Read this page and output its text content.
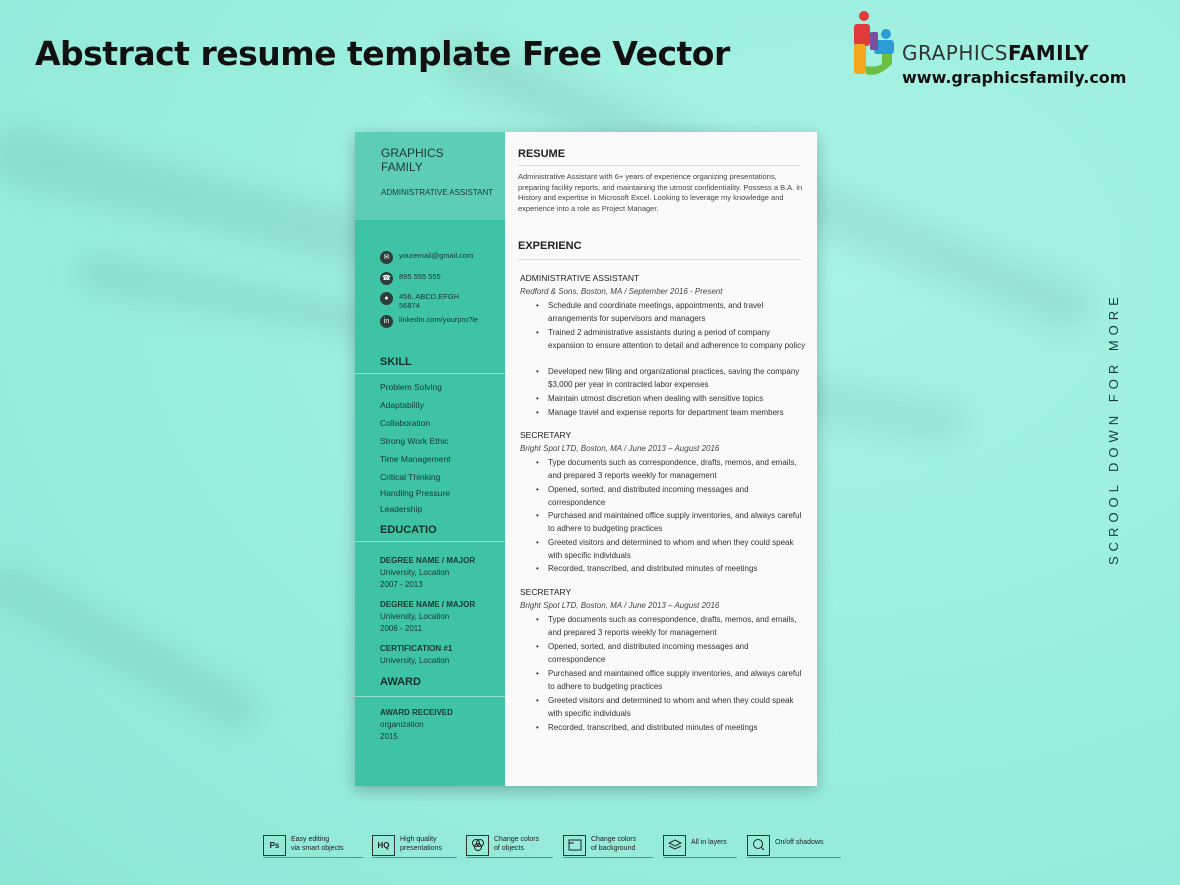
Abstract resume template Free Vector	GRAPHICSFAMILY
www.graphicsfamily.com
SCROOL DOWN FOR MORE
GRAPHICS
FAMILY
ADMINISTRATIVE ASSISTANT
✉	youremail@gmail.com
☎ 895 555 555
●	456, ABCD,EFGH
56874
in	linkedin.com/yourpro?le
SKILL
Problem Solving
Adaptability
Collaboration
Strong Work Ethic
Time Management
Critical Thinking
Handling Pressure
Leadership
EDUCATIO
DEGREE NAME / MAJOR
University, Location
2007 - 2013
DEGREE NAME / MAJOR
University, Location
2006 - 2011
CERTIFICATION #1
University, Location
AWARD
AWARD RECEIVED
organization
2015
RESUME
Administrative Assistant with 6+ years of experience organizing presentations, preparing facility reports, and maintaining the utmost confidentiality. Possess a B.A. in History and expertise in Microsoft Excel. Looking to leverage my knowledge and experience into a role as Project Manager.
EXPERIENC
ADMINISTRATIVE ASSISTANT
Redford & Sons, Boston, MA / September 2016 - Present
• Schedule and coordinate meetings, appointments, and travel arrangements for supervisors and managers
• Trained 2 administrative assistants during a period of company expansion to ensure attention to detail and adherence to company policy
• Developed new filing and organizational practices, saving the company $3,000 per year in contracted labor expenses
• Maintain utmost discretion when dealing with sensitive topics
• Manage travel and expense reports for department team members
SECRETARY
Bright Spot LTD, Boston, MA / June 2013 – August 2016
• Type documents such as correspondence, drafts, memos, and emails, and prepared 3 reports weekly for management
• Opened, sorted, and distributed incoming messages and correspondence
• Purchased and maintained office supply inventories, and always careful to adhere to budgeting practices
• Greeted visitors and determined to whom and when they could speak with specific individuals
• Recorded, transcribed, and distributed minutes of meetings
SECRETARY
Bright Spot LTD, Boston, MA / June 2013 – August 2016
• Type documents such as correspondence, drafts, memos, and emails, and prepared 3 reports weekly for management
• Opened, sorted, and distributed incoming messages and correspondence
• Purchased and maintained office supply inventories, and always careful to adhere to budgeting practices
• Greeted visitors and determined to whom and when they could speak with specific individuals
• Recorded, transcribed, and distributed minutes of meetings
Ps
Easy editing
via smart objects	HQ
High quality
presentations
Change colors
of objects
Change colors
of background
All in layers	On/off shadows
